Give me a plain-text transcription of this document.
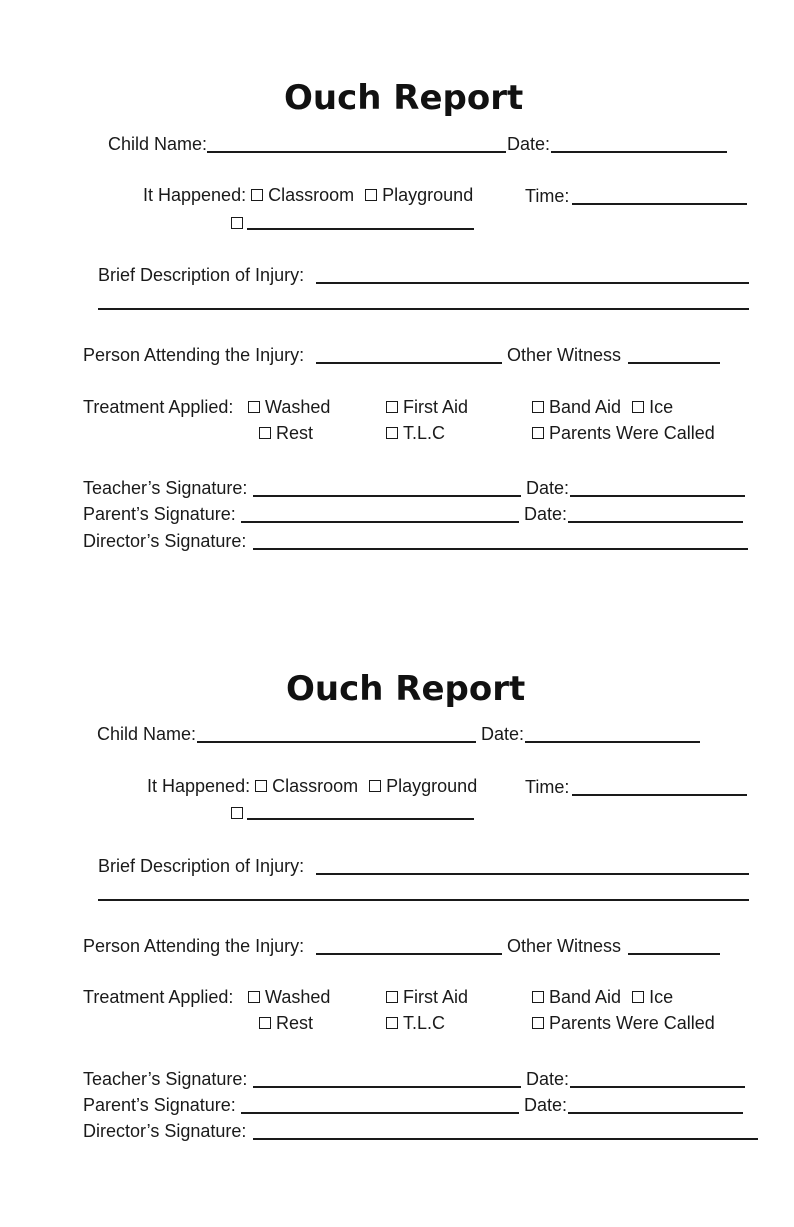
Ouch Report
Child Name:	Date:
It Happened: Classroom Playground	Time:
Brief Description of Injury:
Person Attending the Injury:	Other Witness
Treatment Applied:	Washed	First Aid	Band Aid Ice
Rest	T.L.C	Parents Were Called
Teacher’s Signature:	Date:
Parent’s Signature:	Date:
Director’s Signature:
Ouch Report
Child Name:	Date:
It Happened: Classroom Playground	Time:
Brief Description of Injury:
Person Attending the Injury:	Other Witness
Treatment Applied:	Washed	First Aid	Band Aid Ice
Rest	T.L.C	Parents Were Called
Teacher’s Signature:	Date:
Parent’s Signature:	Date:
Director’s Signature:
